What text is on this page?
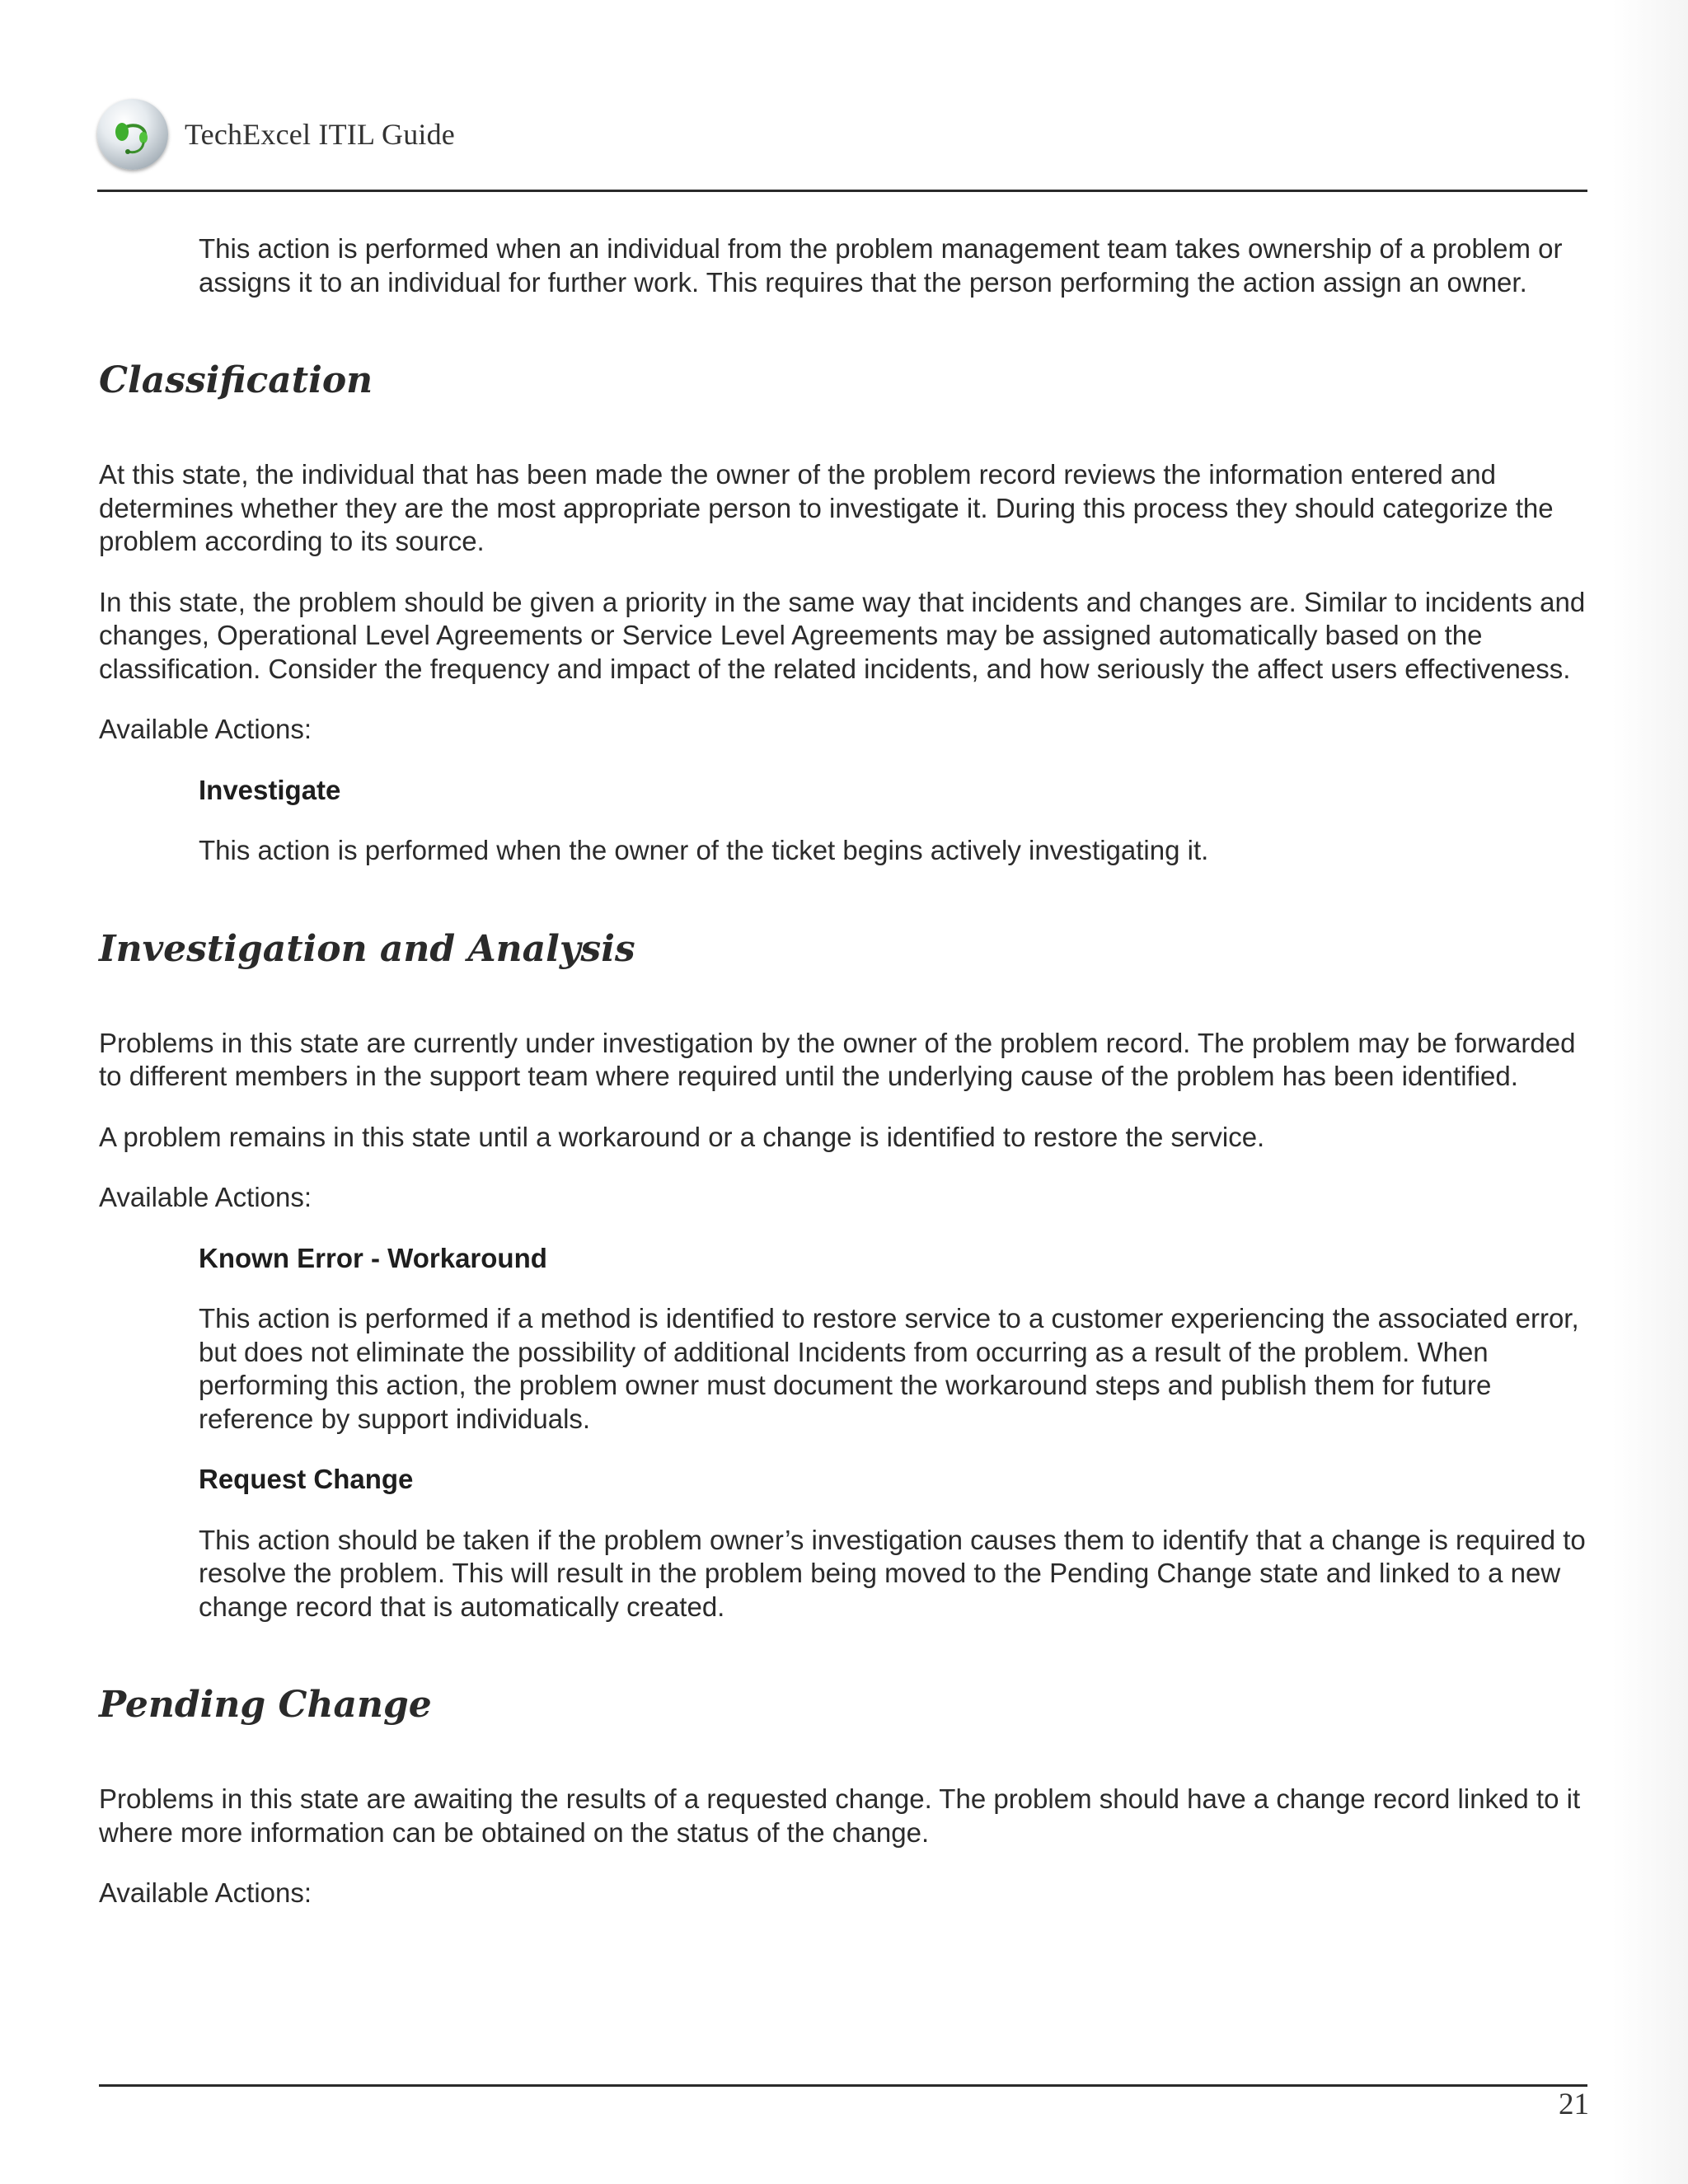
TechExcel ITIL Guide

This action is performed when an individual from the problem management team takes ownership of a problem or assigns it to an individual for further work. This requires that the person performing the action assign an owner.

Classification

At this state, the individual that has been made the owner of the problem record reviews the information entered and determines whether they are the most appropriate person to investigate it. During this process they should categorize the problem according to its source.

In this state, the problem should be given a priority in the same way that incidents and changes are. Similar to incidents and changes, Operational Level Agreements or Service Level Agreements may be assigned automatically based on the classification. Consider the frequency and impact of the related incidents, and how seriously the affect users effectiveness.

Available Actions:

Investigate

This action is performed when the owner of the ticket begins actively investigating it.

Investigation and Analysis

Problems in this state are currently under investigation by the owner of the problem record. The problem may be forwarded to different members in the support team where required until the underlying cause of the problem has been identified.

A problem remains in this state until a workaround or a change is identified to restore the service.

Available Actions:

Known Error - Workaround

This action is performed if a method is identified to restore service to a customer experiencing the associated error, but does not eliminate the possibility of additional Incidents from occurring as a result of the problem. When performing this action, the problem owner must document the workaround steps and publish them for future reference by support individuals.

Request Change

This action should be taken if the problem owner’s investigation causes them to identify that a change is required to resolve the problem. This will result in the problem being moved to the Pending Change state and linked to a new change record that is automatically created.

Pending Change

Problems in this state are awaiting the results of a requested change. The problem should have a change record linked to it where more information can be obtained on the status of the change.

Available Actions:

21
